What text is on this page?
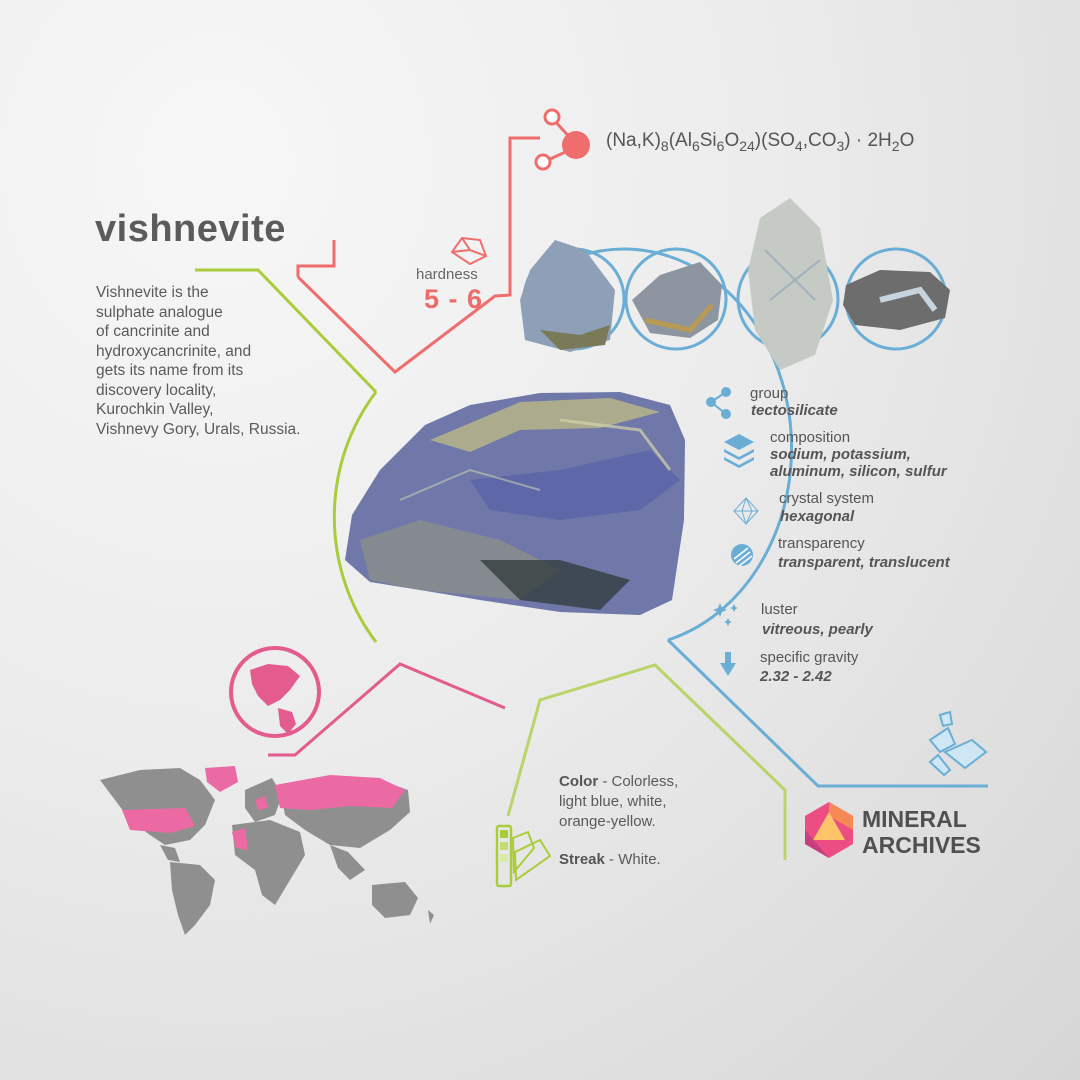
vishnevite
Vishnevite is the
sulphate analogue
of cancrinite and
hydroxycancrinite, and
gets its name from its
discovery locality,
Kurochkin Valley,
Vishnevy Gory, Urals, Russia.
$(Na,K)_8(Al_6Si_6O_{24})(SO_4,CO_3) \cdot 2H_2O$
hardness
5 - 6
group
tectosilicate
composition
sodium, potassium,
aluminum, silicon, sulfur
crystal system
hexagonal
transparency
transparent, translucent
luster
vitreous, pearly
specific gravity
2.32 - 2.42
Color - Colorless,
light blue, white,
orange-yellow.
Streak - White.
MINERAL
ARCHIVES
